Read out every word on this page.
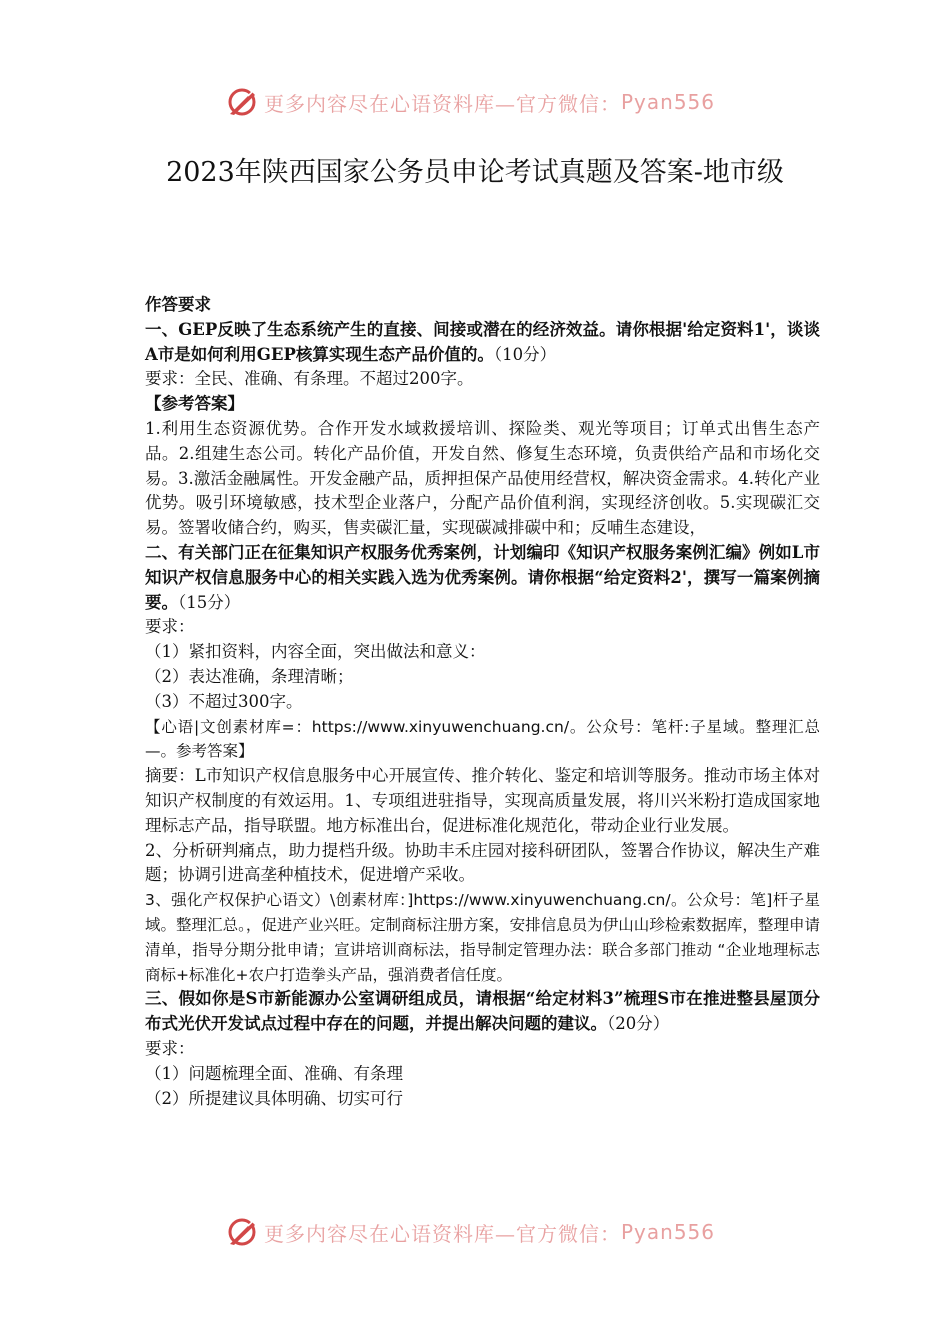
更多内容尽在心语资料库—官方微信： Pyan556
2023年陕西国家公务员申论考试真题及答案-地市级

作答要求

一、GEP反映了生态系统产生的直接、间接或潜在的经济效益。请你根据'给定资料1'，谈谈A市是如何利用GEP核算实现生态产品价值的。（10分）

要求：全民、准确、有条理。不超过200字。

【参考答案】

1.利用生态资源优势。合作开发水域救援培训、探险类、观光等项目；订单式出售生态产品。2.组建生态公司。转化产品价值，开发自然、修复生态环境，负责供给产品和市场化交易。3.激活金融属性。开发金融产品，质押担保产品使用经营权，解决资金需求。4.转化产业优势。吸引环境敏感，技术型企业落户，分配产品价值利润，实现经济创收。5.实现碳汇交易。签署收储合约，购买，售卖碳汇量，实现碳减排碳中和；反哺生态建设，

二、有关部门正在征集知识产权服务优秀案例，计划编印《知识产权服务案例汇编》例如L市知识产权信息服务中心的相关实践入选为优秀案例。请你根据“给定资料2'，撰写一篇案例摘要。（15分）

要求：

（1）紧扣资料，内容全面，突出做法和意义：

（2）表达准确，条理清晰；

（3）不超过300字。

【心语|文创素材库=：https://www.xinyuwenchuang.cn/。公众号：笔杆:子星域。整理汇总—。参考答案】

摘要：L市知识产权信息服务中心开展宣传、推介转化、鉴定和培训等服务。推动市场主体对知识产权制度的有效运用。1、专项组进驻指导，实现高质量发展，将川兴米粉打造成国家地理标志产品，指导联盟。地方标准出台，促进标准化规范化，带动企业行业发展。

2、分析研判痛点，助力提档升级。协助丰禾庄园对接科研团队，签署合作协议，解决生产难题；协调引进高垄种植技术，促进增产采收。

3、强化产权保护心语文）\创素材库：]https://www.xinyuwenchuang.cn/。公众号：笔]杆子星域。整理汇总。，促进产业兴旺。定制商标注册方案，安排信息员为伊山山珍检索数据库，整理申请清单，指导分期分批申请；宣讲培训商标法，指导制定管理办法：联合多部门推动 “企业地理标志商标+标准化+农户打造拳头产品，强消费者信任度。

三、假如你是S市新能源办公室调研组成员，请根据“给定材料3”梳理S市在推进整县屋顶分布式光伏开发试点过程中存在的问题，并提出解决问题的建议。（20分）

要求：

（1）问题梳理全面、准确、有条理

（2）所提建议具体明确、切实可行

更多内容尽在心语资料库—官方微信： Pyan556
